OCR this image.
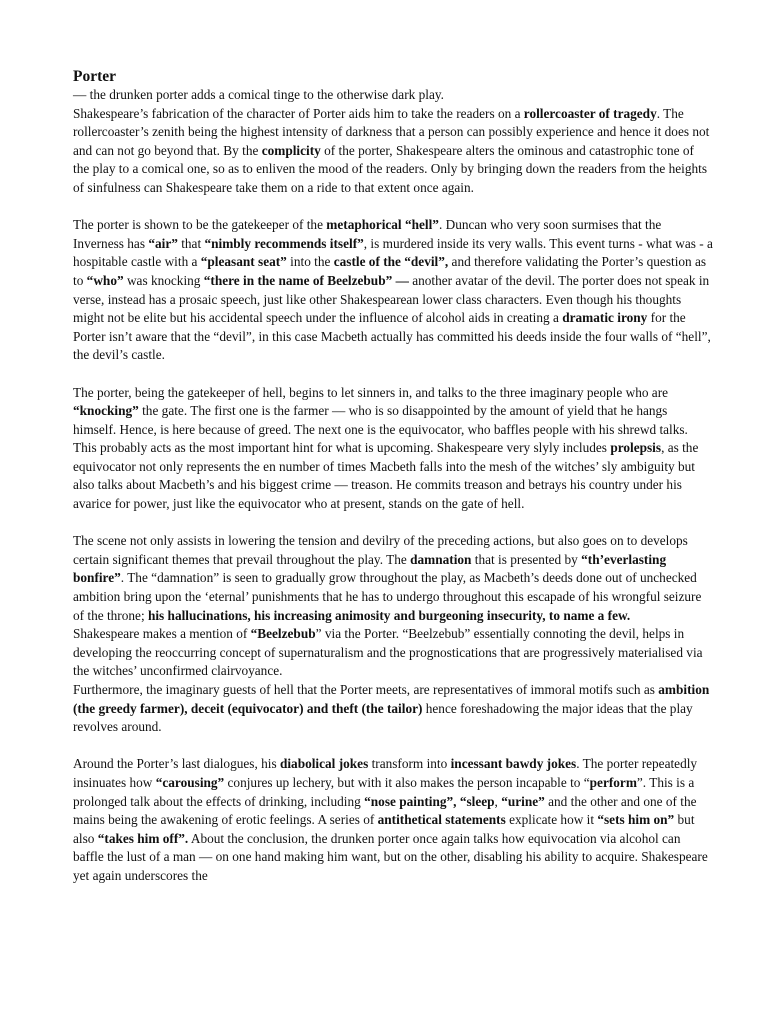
Porter

— the drunken porter adds a comical tinge to the otherwise dark play.

Shakespeare’s fabrication of the character of Porter aids him to take the readers on a rollercoaster of tragedy. The rollercoaster’s zenith being the highest intensity of darkness that a person can possibly experience and hence it does not and can not go beyond that. By the complicity of the porter, Shakespeare alters the ominous and catastrophic tone of the play to a comical one, so as to enliven the mood of the readers. Only by bringing down the readers from the heights of sinfulness can Shakespeare take them on a ride to that extent once again.

The porter is shown to be the gatekeeper of the metaphorical “hell”. Duncan who very soon surmises that the Inverness has “air” that “nimbly recommends itself”, is murdered inside its very walls. This event turns - what was - a hospitable castle with a “pleasant seat” into the castle of the “devil”, and therefore validating the Porter’s question as to “who” was knocking “there in the name of Beelzebub” — another avatar of the devil. The porter does not speak in verse, instead has a prosaic speech, just like other Shakespearean lower class characters. Even though his thoughts might not be elite but his accidental speech under the influence of alcohol aids in creating a dramatic irony for the Porter isn’t aware that the “devil”, in this case Macbeth actually has committed his deeds inside the four walls of “hell”, the devil’s castle.

The porter, being the gatekeeper of hell, begins to let sinners in, and talks to the three imaginary people who are “knocking” the gate. The first one is the farmer — who is so disappointed by the amount of yield that he hangs himself. Hence, is here because of greed. The next one is the equivocator, who baffles people with his shrewd talks. This probably acts as the most important hint for what is upcoming. Shakespeare very slyly includes prolepsis, as the equivocator not only represents the en number of times Macbeth falls into the mesh of the witches’ sly ambiguity but also talks about Macbeth’s and his biggest crime — treason. He commits treason and betrays his country under his avarice for power, just like the equivocator who at present, stands on the gate of hell.

The scene not only assists in lowering the tension and devilry of the preceding actions, but also goes on to develops certain significant themes that prevail throughout the play. The damnation that is presented by “th’everlasting bonfire”. The “damnation” is seen to gradually grow throughout the play, as Macbeth’s deeds done out of unchecked ambition bring upon the ‘eternal’ punishments that he has to undergo throughout this escapade of his wrongful seizure of the throne; his hallucinations, his increasing animosity and burgeoning insecurity, to name a few.

Shakespeare makes a mention of “Beelzebub” via the Porter. “Beelzebub” essentially connoting the devil, helps in developing the reoccurring concept of supernaturalism and the prognostications that are progressively materialised via the witches’ unconfirmed clairvoyance.

Furthermore, the imaginary guests of hell that the Porter meets, are representatives of immoral motifs such as ambition (the greedy farmer), deceit (equivocator) and theft (the tailor) hence foreshadowing the major ideas that the play revolves around.

Around the Porter’s last dialogues, his diabolical jokes transform into incessant bawdy jokes. The porter repeatedly insinuates how “carousing” conjures up lechery, but with it also makes the person incapable to “perform”. This is a prolonged talk about the effects of drinking, including “nose painting”, “sleep, “urine” and the other and one of the mains being the awakening of erotic feelings. A series of antithetical statements explicate how it “sets him on” but also “takes him off”. About the conclusion, the drunken porter once again talks how equivocation via alcohol can baffle the lust of a man — on one hand making him want, but on the other, disabling his ability to acquire. Shakespeare yet again underscores the
